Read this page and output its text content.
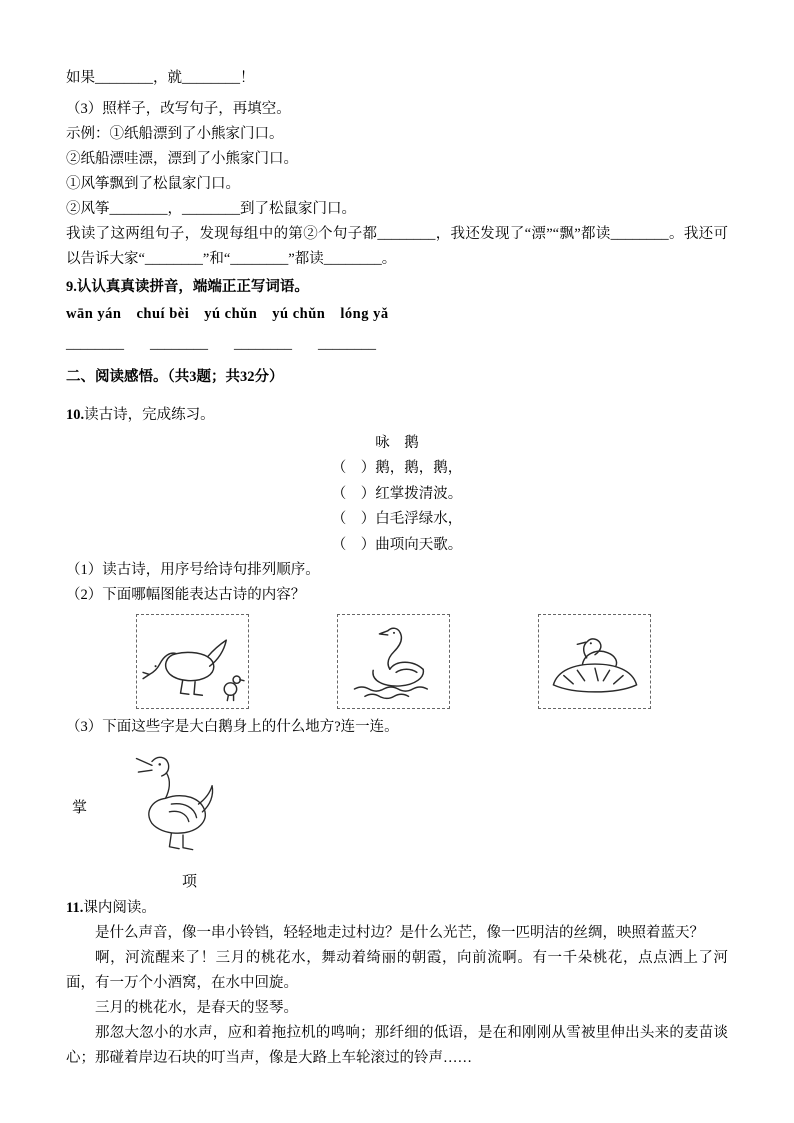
如果________，就________！

（3）照样子，改写句子，再填空。

示例：①纸船漂到了小熊家门口。

②纸船漂哇漂，漂到了小熊家门口。

①风筝飘到了松鼠家门口。

②风筝________，________到了松鼠家门口。

我读了这两组句子，发现每组中的第②个句子都________，我还发现了“漂”“飘”都读________。我还可以告诉大家“________”和“________”都读________。

9.认认真真读拼音，端端正正写词语。

wān yán　chuí bèi　yú chǔn　yú chǔn　lóng yǎ

________ ________ ________ ________

二、阅读感悟。（共3题；共32分）

10.读古诗，完成练习。

咏　鹅

（　）鹅，鹅，鹅，

（　）红掌拨清波。

（　）白毛浮绿水，

（　）曲项向天歌。

（1）读古诗，用序号给诗句排列顺序。

（2）下面哪幅图能表达古诗的内容？

（3）下面这些字是大白鹅身上的什么地方?连一连。

掌
项

11.课内阅读。

是什么声音，像一串小铃铛，轻轻地走过村边？是什么光芒，像一匹明洁的丝绸，映照着蓝天？

啊，河流醒来了！三月的桃花水，舞动着绮丽的朝霞，向前流啊。有一千朵桃花，点点洒上了河面，有一万个小酒窝，在水中回旋。

三月的桃花水，是春天的竖琴。

那忽大忽小的水声，应和着拖拉机的鸣响；那纤细的低语，是在和刚刚从雪被里伸出头来的麦苗谈心；那碰着岸边石块的叮当声，像是大路上车轮滚过的铃声……
